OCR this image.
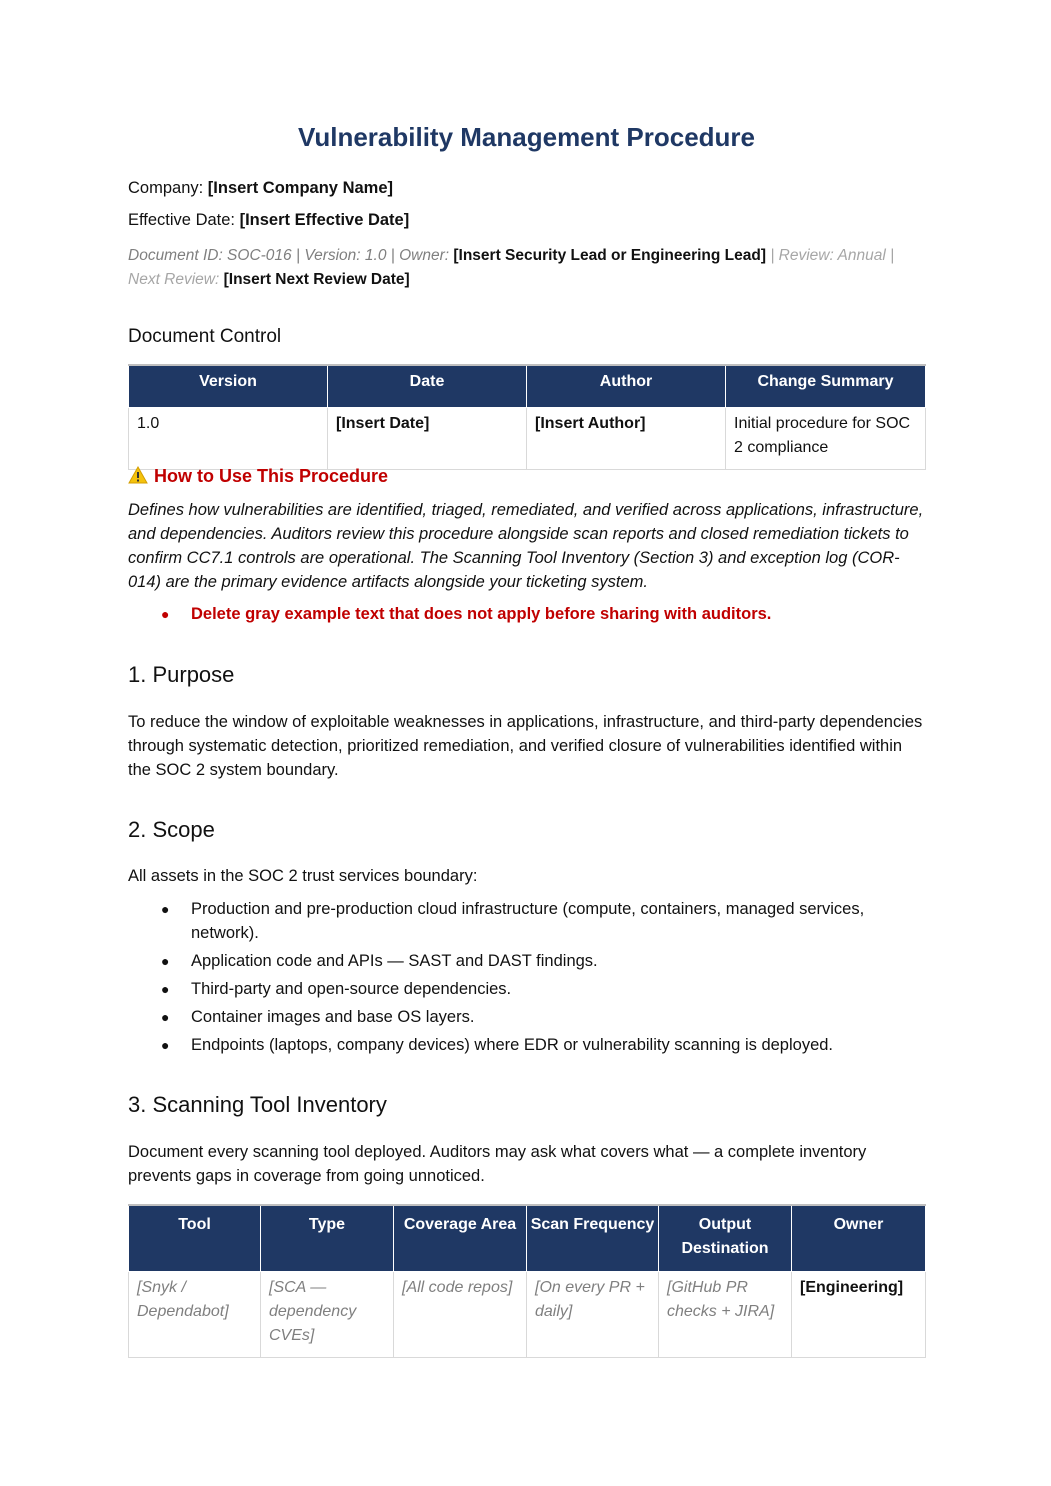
Vulnerability Management Procedure
Company: [Insert Company Name]
Effective Date: [Insert Effective Date]
Document ID: SOC-016 | Version: 1.0 | Owner: [Insert Security Lead or Engineering Lead] | Review: Annual | Next Review: [Insert Next Review Date]
Document Control
Version	Date	Author	Change Summary
1.0	[Insert Date]	[Insert Author]	Initial procedure for SOC 2 compliance
How to Use This Procedure
Defines how vulnerabilities are identified, triaged, remediated, and verified across applications, infrastructure, and dependencies. Auditors review this procedure alongside scan reports and closed remediation tickets to confirm CC7.1 controls are operational. The Scanning Tool Inventory (Section 3) and exception log (COR-014) are the primary evidence artifacts alongside your ticketing system.
● Delete gray example text that does not apply before sharing with auditors.
1. Purpose
To reduce the window of exploitable weaknesses in applications, infrastructure, and third-party dependencies through systematic detection, prioritized remediation, and verified closure of vulnerabilities identified within the SOC 2 system boundary.
2. Scope
All assets in the SOC 2 trust services boundary:
● Production and pre-production cloud infrastructure (compute, containers, managed services, network).
● Application code and APIs — SAST and DAST findings.
● Third-party and open-source dependencies.
● Container images and base OS layers.
● Endpoints (laptops, company devices) where EDR or vulnerability scanning is deployed.
3. Scanning Tool Inventory
Document every scanning tool deployed. Auditors may ask what covers what — a complete inventory prevents gaps in coverage from going unnoticed.
Tool	Type	Coverage Area	Scan Frequency	Output Destination	Owner
[Snyk / Dependabot]	[SCA — dependency CVEs]	[All code repos]	[On every PR + daily]	[GitHub PR checks + JIRA]	[Engineering]
